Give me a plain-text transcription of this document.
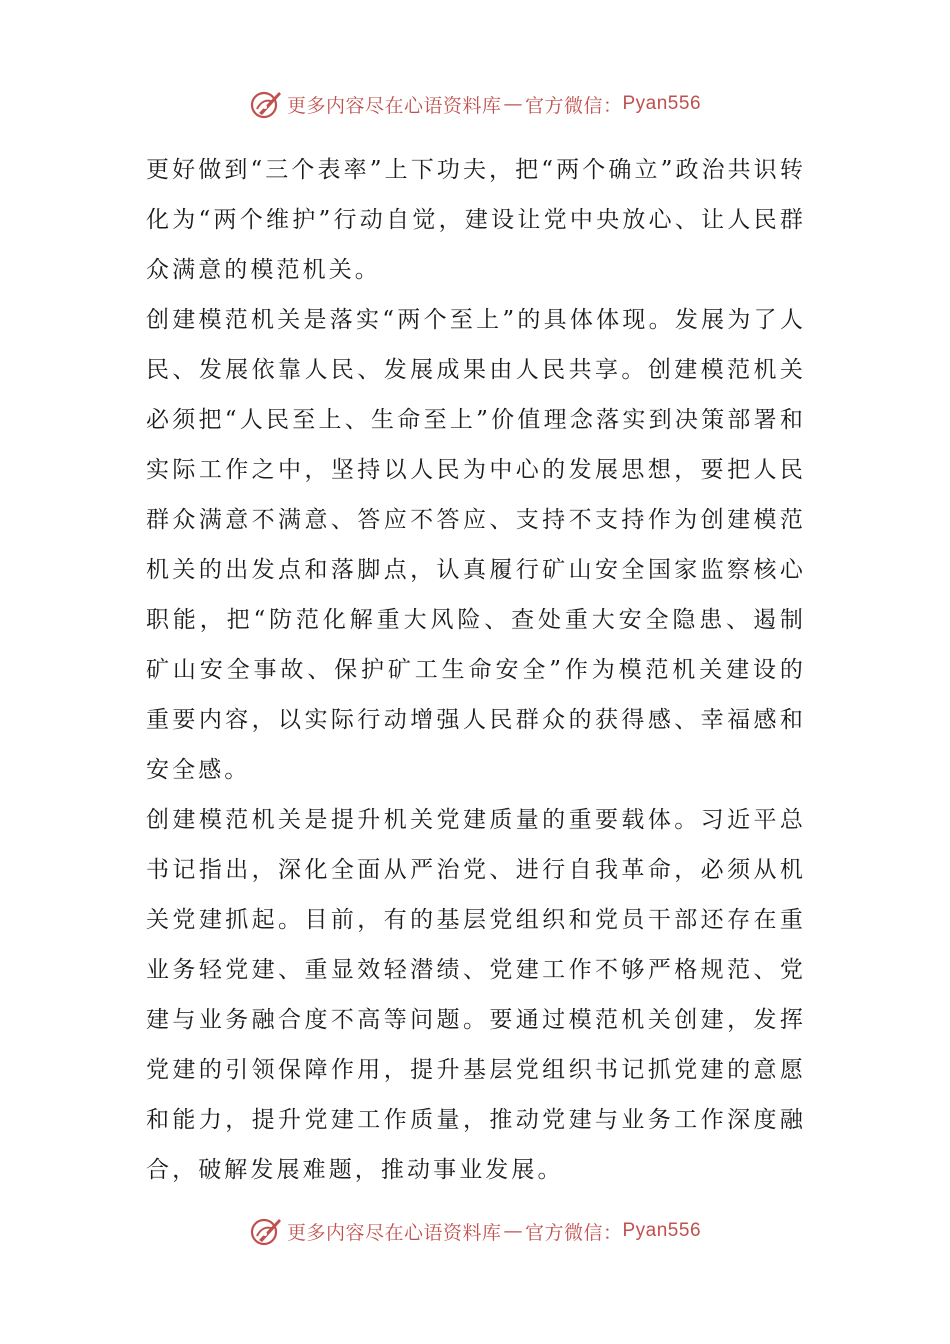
更多内容尽在心语资料库 — 官方微信： Pyan556

更好做到“三个表率”上下功夫，把“两个确立”政治共识转化为“两个维护”行动自觉，建设让党中央放心、让人民群众满意的模范机关。

创建模范机关是落实“两个至上”的具体体现。发展为了人民、发展依靠人民、发展成果由人民共享。创建模范机关必须把“人民至上、生命至上”价值理念落实到决策部署和实际工作之中，坚持以人民为中心的发展思想，要把人民群众满意不满意、答应不答应、支持不支持作为创建模范机关的出发点和落脚点，认真履行矿山安全国家监察核心职能，把“防范化解重大风险、查处重大安全隐患、遏制矿山安全事故、保护矿工生命安全”作为模范机关建设的重要内容，以实际行动增强人民群众的获得感、幸福感和安全感。

创建模范机关是提升机关党建质量的重要载体。习近平总书记指出，深化全面从严治党、进行自我革命，必须从机关党建抓起。目前，有的基层党组织和党员干部还存在重业务轻党建、重显效轻潜绩、党建工作不够严格规范、党建与业务融合度不高等问题。要通过模范机关创建，发挥党建的引领保障作用，提升基层党组织书记抓党建的意愿和能力，提升党建工作质量，推动党建与业务工作深度融合，破解发展难题，推动事业发展。

更多内容尽在心语资料库 — 官方微信： Pyan556
